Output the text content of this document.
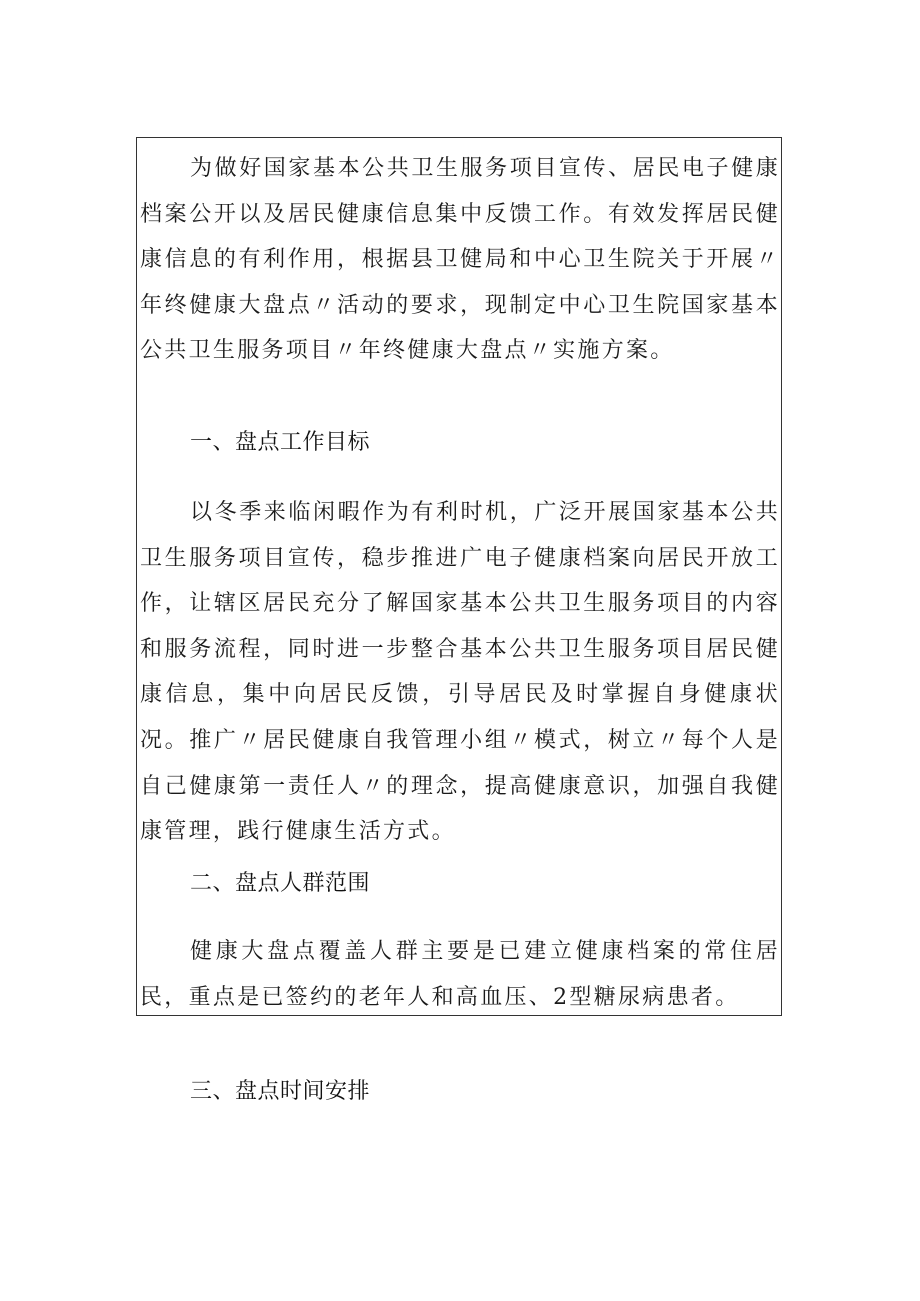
为做好国家基本公共卫生服务项目宣传、居民电子健康档案公开以及居民健康信息集中反馈工作。有效发挥居民健康信息的有利作用，根据县卫健局和中心卫生院关于开展〃年终健康大盘点〃活动的要求，现制定中心卫生院国家基本公共卫生服务项目〃年终健康大盘点〃实施方案。

一、盘点工作目标

以冬季来临闲暇作为有利时机，广泛开展国家基本公共卫生服务项目宣传，稳步推进广电子健康档案向居民开放工作，让辖区居民充分了解国家基本公共卫生服务项目的内容和服务流程，同时进一步整合基本公共卫生服务项目居民健康信息，集中向居民反馈，引导居民及时掌握自身健康状况。推广〃居民健康自我管理小组〃模式，树立〃每个人是自己健康第一责任人〃的理念，提高健康意识，加强自我健康管理，践行健康生活方式。

二、盘点人群范围

健康大盘点覆盖人群主要是已建立健康档案的常住居民，重点是已签约的老年人和高血压、2型糖尿病患者。

三、盘点时间安排
